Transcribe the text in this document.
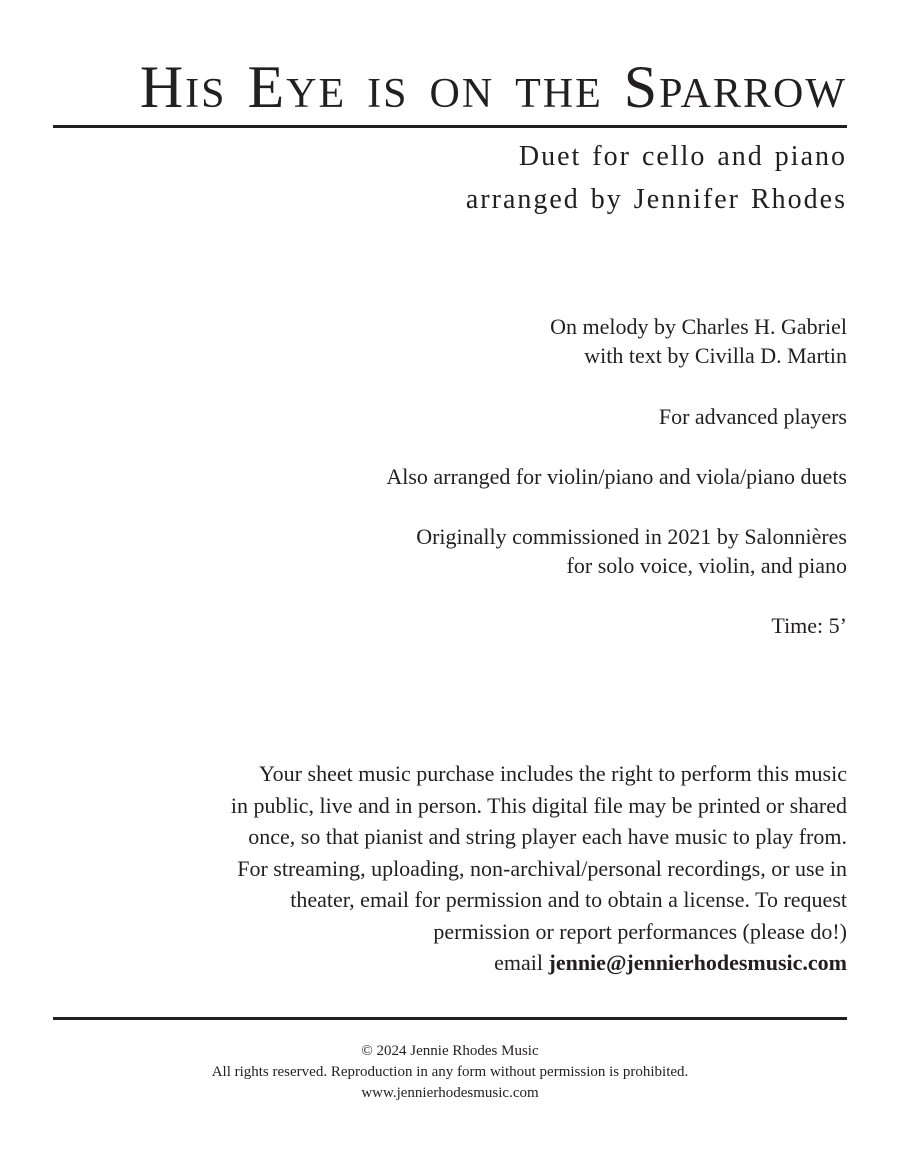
His Eye is on the Sparrow
Duet for cello and piano
arranged by Jennifer Rhodes
On melody by Charles H. Gabriel
with text by Civilla D. Martin
For advanced players
Also arranged for violin/piano and viola/piano duets
Originally commissioned in 2021 by Salonnières
for solo voice, violin, and piano
Time: 5’
Your sheet music purchase includes the right to perform this music
in public, live and in person. This digital file may be printed or shared
once, so that pianist and string player each have music to play from.
For streaming, uploading, non-archival/personal recordings, or use in
theater, email for permission and to obtain a license. To request
permission or report performances (please do!)
email jennie@jennierhodesmusic.com
© 2024 Jennie Rhodes Music
All rights reserved. Reproduction in any form without permission is prohibited.
www.jennierhodesmusic.com
